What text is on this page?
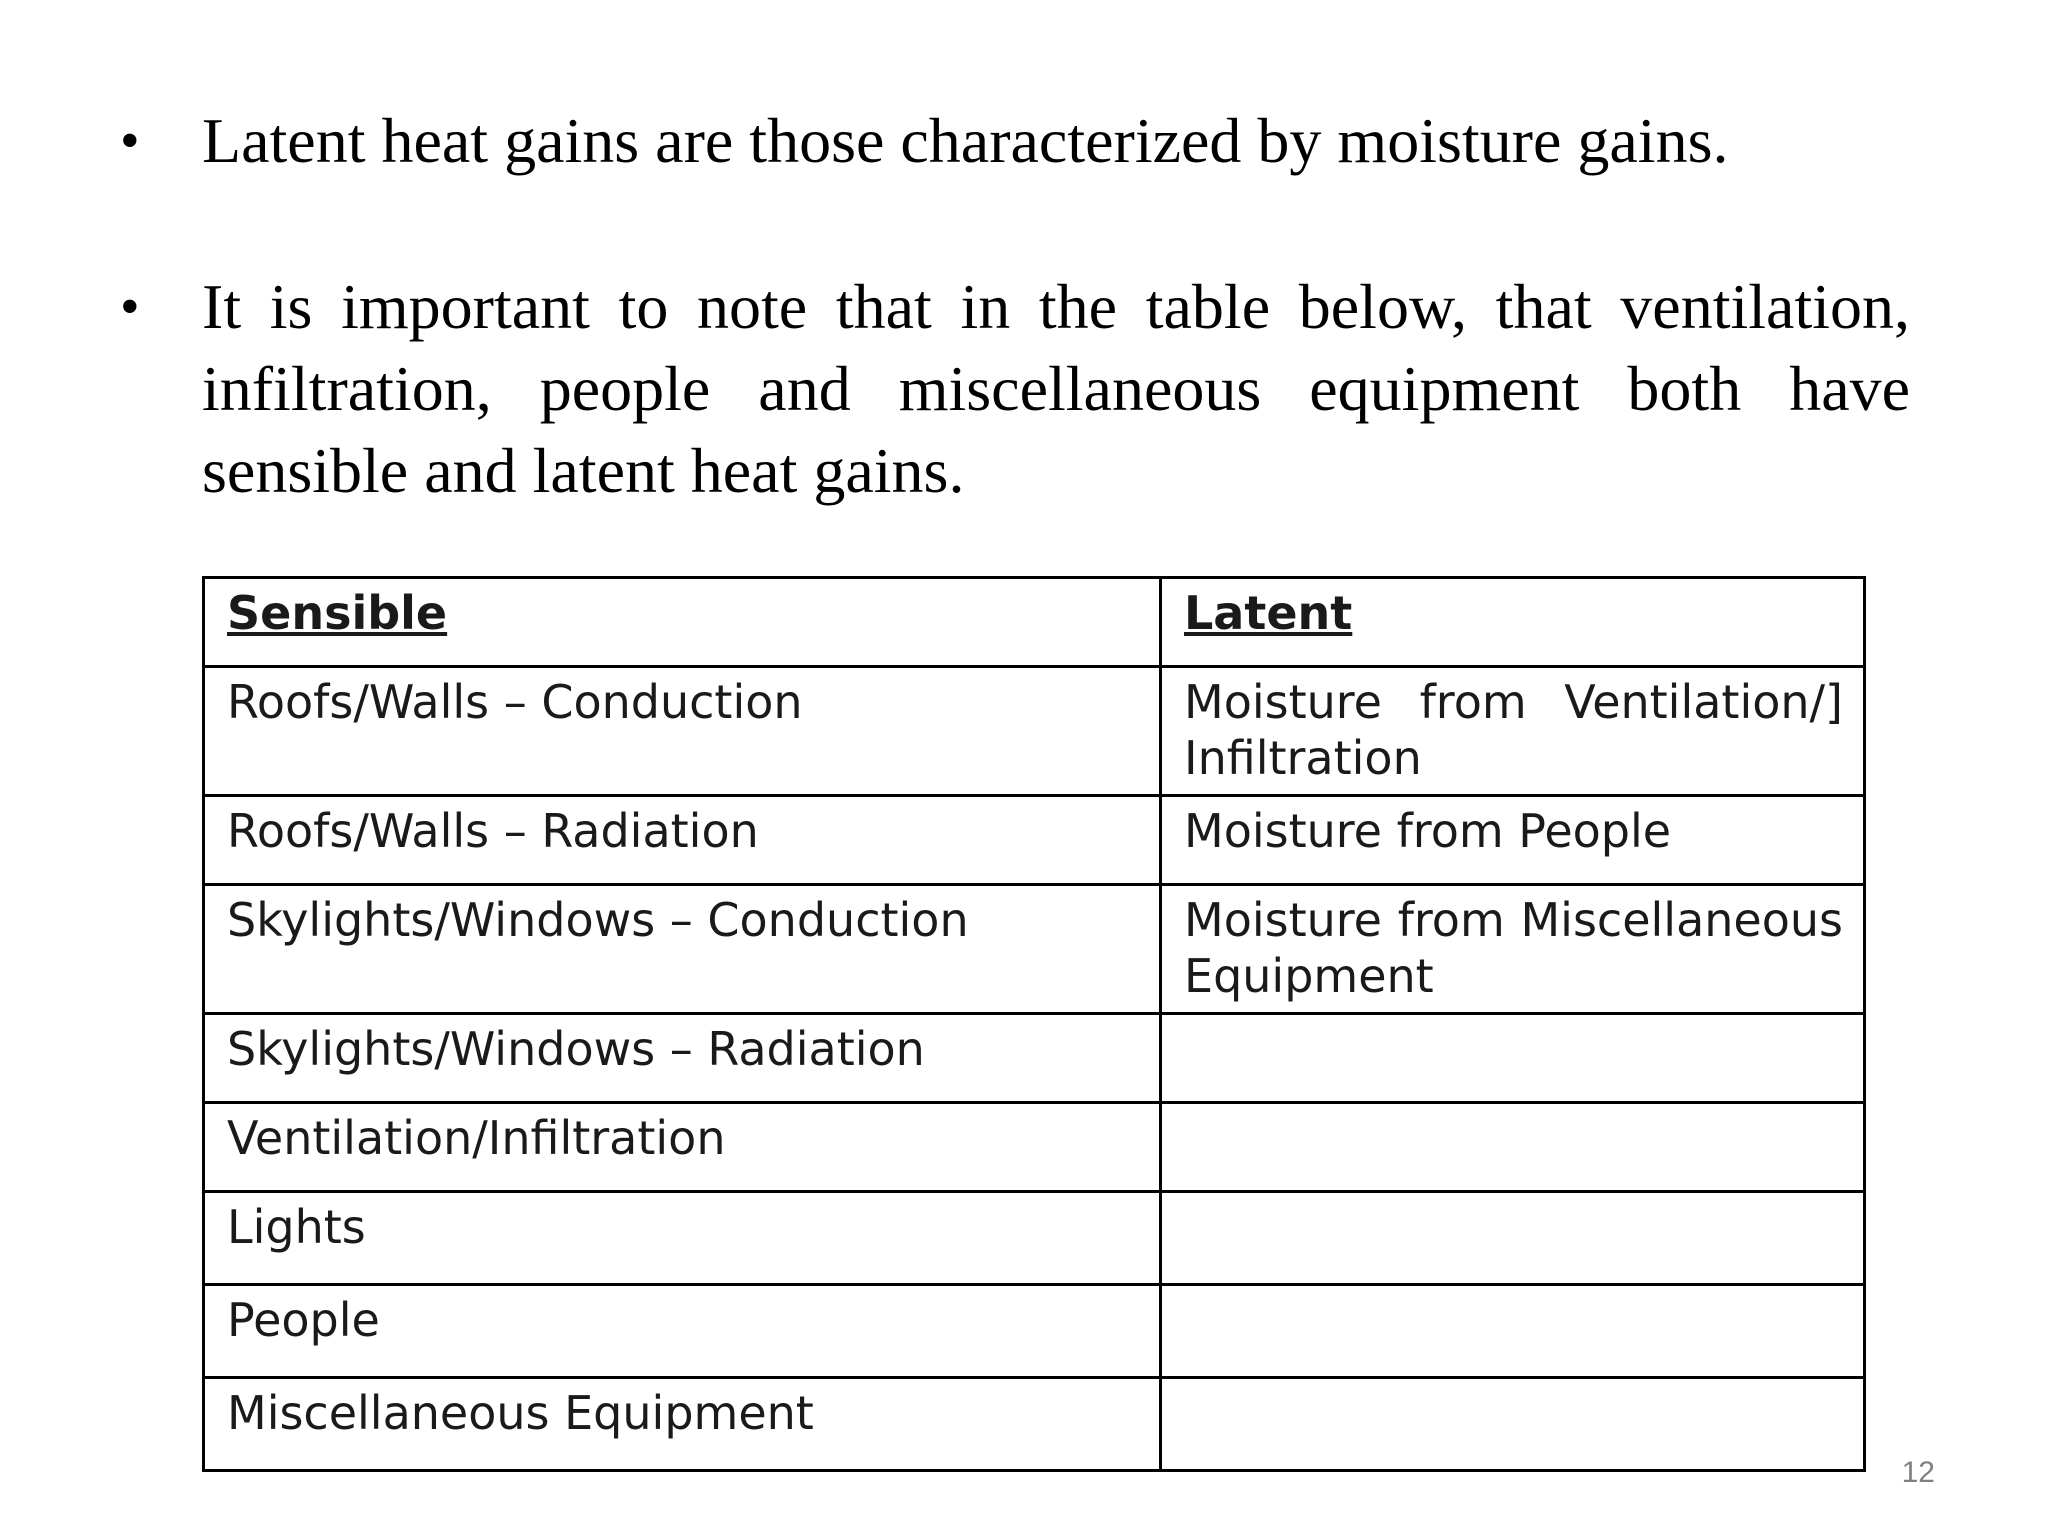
• Latent heat gains are those characterized by moisture gains.
• It is important to note that in the table below, that ventilation, infiltration, people and miscellaneous equipment both have sensible and latent heat gains.
Sensible	Latent
Roofs/Walls – Conduction	Moisture from Ventilation/] Infiltration
Roofs/Walls – Radiation	Moisture from People
Skylights/Windows – Conduction	Moisture from Miscellaneous Equipment
Skylights/Windows – Radiation	
Ventilation/Infiltration	
Lights	
People	
Miscellaneous Equipment	
12
